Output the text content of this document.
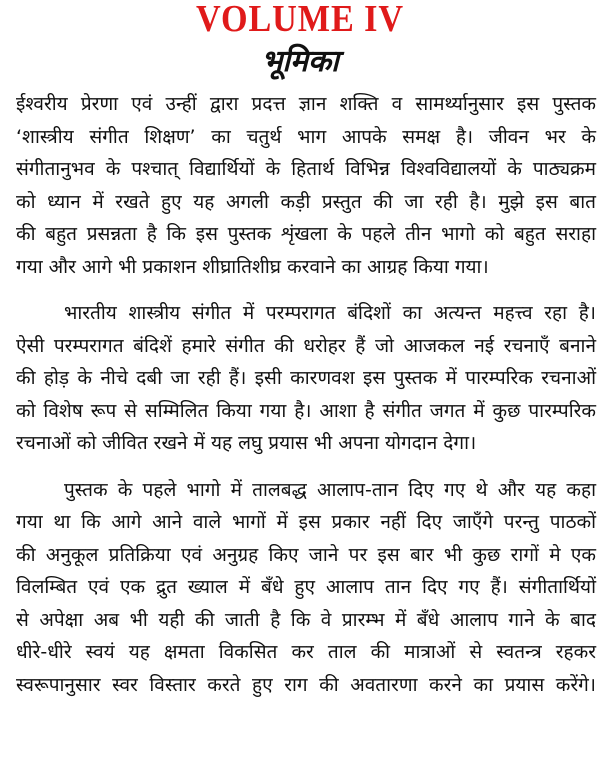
VOLUME IV
भूमिका
ईश्वरीय प्रेरणा एवं उन्हीं द्वारा प्रदत्त ज्ञान शक्ति व सामर्थ्यानुसार इस पुस्तक
‘शास्त्रीय संगीत शिक्षण’ का चतुर्थ भाग आपके समक्ष है। जीवन भर के
संगीतानुभव के पश्चात् विद्यार्थियों के हितार्थ विभिन्न विश्वविद्यालयों के पाठ्यक्रम
को ध्यान में रखते हुए यह अगली कड़ी प्रस्तुत की जा रही है। मुझे इस बात
की बहुत प्रसन्नता है कि इस पुस्तक शृंखला के पहले तीन भागो को बहुत सराहा
गया और आगे भी प्रकाशन शीघ्रातिशीघ्र करवाने का आग्रह किया गया।
भारतीय शास्त्रीय संगीत में परम्परागत बंदिशों का अत्यन्त महत्त्व रहा है।
ऐसी परम्परागत बंदिशें हमारे संगीत की धरोहर हैं जो आजकल नई रचनाएँ बनाने
की होड़ के नीचे दबी जा रही हैं। इसी कारणवश इस पुस्तक में पारम्परिक रचनाओं
को विशेष रूप से सम्मिलित किया गया है। आशा है संगीत जगत में कुछ पारम्परिक
रचनाओं को जीवित रखने में यह लघु प्रयास भी अपना योगदान देगा।
पुस्तक के पहले भागो में तालबद्ध आलाप-तान दिए गए थे और यह कहा
गया था कि आगे आने वाले भागों में इस प्रकार नहीं दिए जाएँगे परन्तु पाठकों
की अनुकूल प्रतिक्रिया एवं अनुग्रह किए जाने पर इस बार भी कुछ रागों मे एक
विलम्बित एवं एक द्रुत ख्याल में बँधे हुए आलाप तान दिए गए हैं। संगीतार्थियों
से अपेक्षा अब भी यही की जाती है कि वे प्रारम्भ में बँधे आलाप गाने के बाद
धीरे-धीरे स्वयं यह क्षमता विकसित कर ताल की मात्राओं से स्वतन्त्र रहकर
स्वरूपानुसार स्वर विस्तार करते हुए राग की अवतारणा करने का प्रयास करेंगे।
